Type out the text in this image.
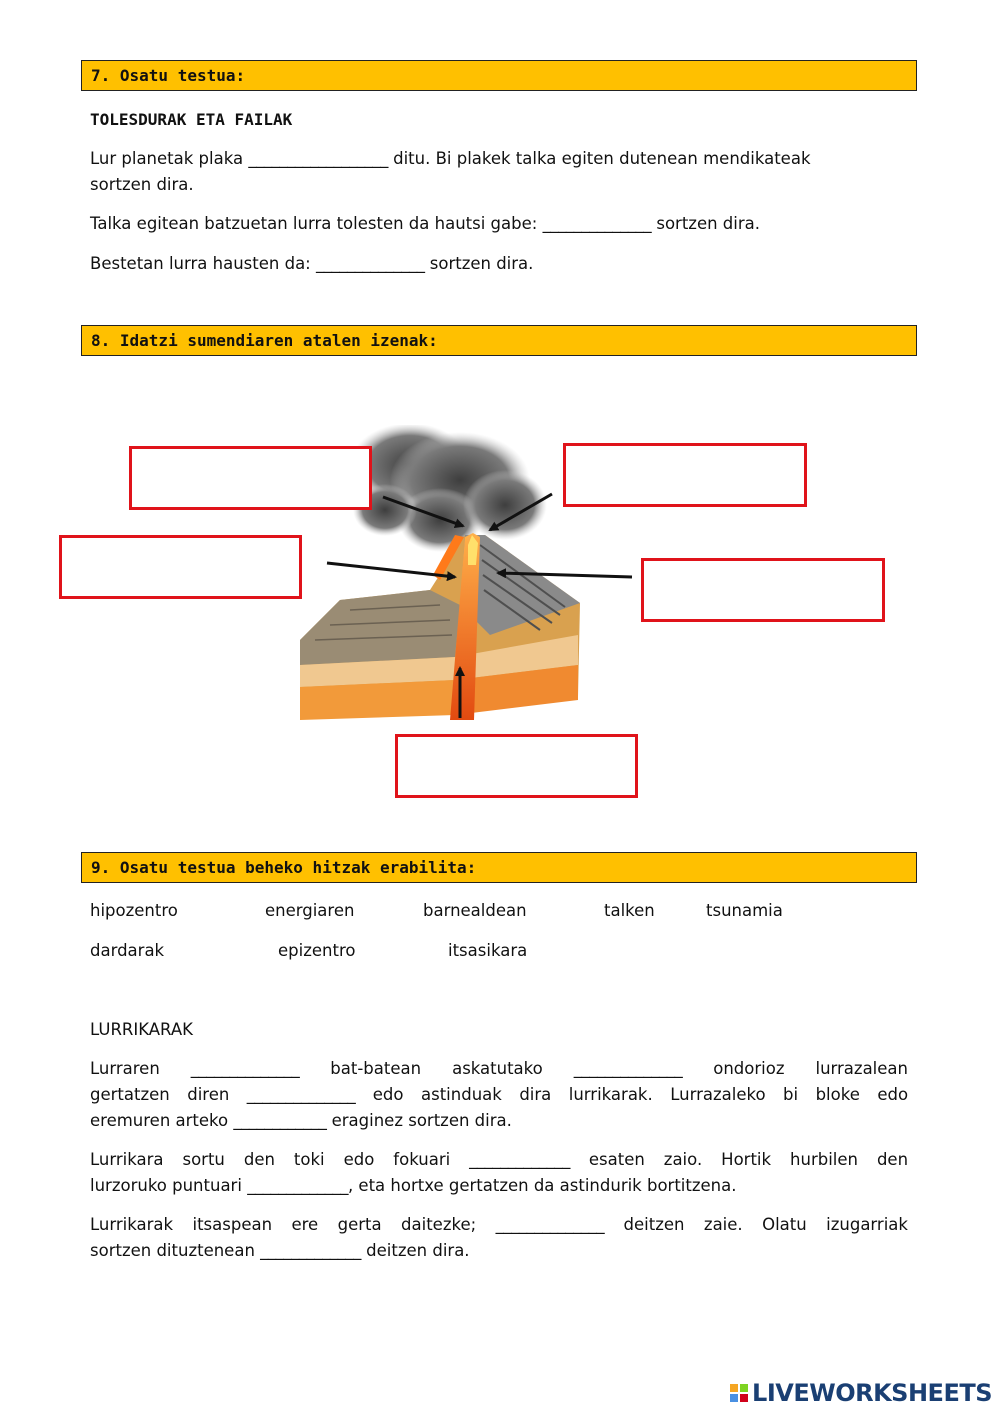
7. Osatu testua:
TOLESDURAK ETA FAILAK
Lur planetak plaka __________________ ditu. Bi plakek talka egiten dutenean mendikateak
sortzen dira.
Talka egitean batzuetan lurra tolesten da hautsi gabe: ______________ sortzen dira.
Bestetan lurra hausten da: ______________ sortzen dira.
8. Idatzi sumendiaren atalen izenak:
9. Osatu testua beheko hitzak erabilita:
hipozentro	energiaren	barnealdean	talken	tsunamia
dardarak	epizentro	itsasikara
LURRIKARAK
Lurraren ______________ bat-batean askatutako ______________ ondorioz lurrazalean
gertatzen diren ______________ edo astinduak dira lurrikarak. Lurrazaleko bi bloke edo
eremuren arteko ____________ eraginez sortzen dira.
Lurrikara sortu den toki edo fokuari _____________ esaten zaio. Hortik hurbilen den
lurzoruko puntuari _____________, eta hortxe gertatzen da astindurik bortitzena.
Lurrikarak itsaspean ere gerta daitezke; ______________ deitzen zaie. Olatu izugarriak
sortzen dituztenean _____________ deitzen dira.
LIVEWORKSHEETS
